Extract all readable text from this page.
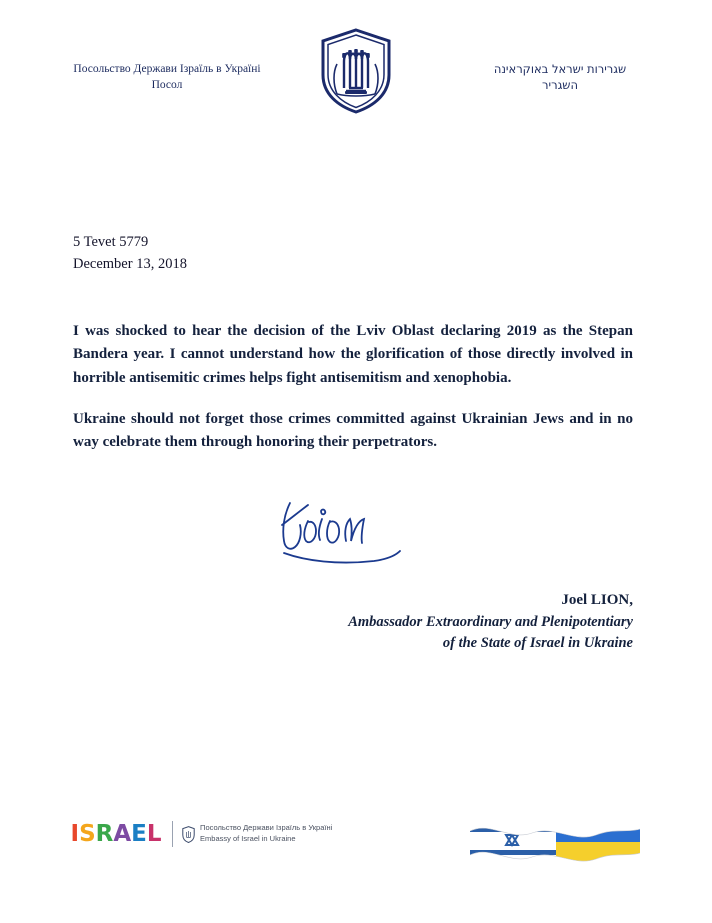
Посольство Держави Ізраїль в Україні
Посол
שגרירות ישראל באוקראינה
השגריר
5 Tevet 5779
December 13, 2018

I was shocked to hear the decision of the Lviv Oblast declaring 2019 as the Stepan Bandera year. I cannot understand how the glorification of those directly involved in horrible antisemitic crimes helps fight antisemitism and xenophobia.

Ukraine should not forget those crimes committed against Ukrainian Jews and in no way celebrate them through honoring their perpetrators.

Joel LION,
Ambassador Extraordinary and Plenipotentiary
of the State of Israel in Ukraine
I S R A E L	Посольство Держави Ізраїль в Україні
Embassy of Israel in Ukraine
